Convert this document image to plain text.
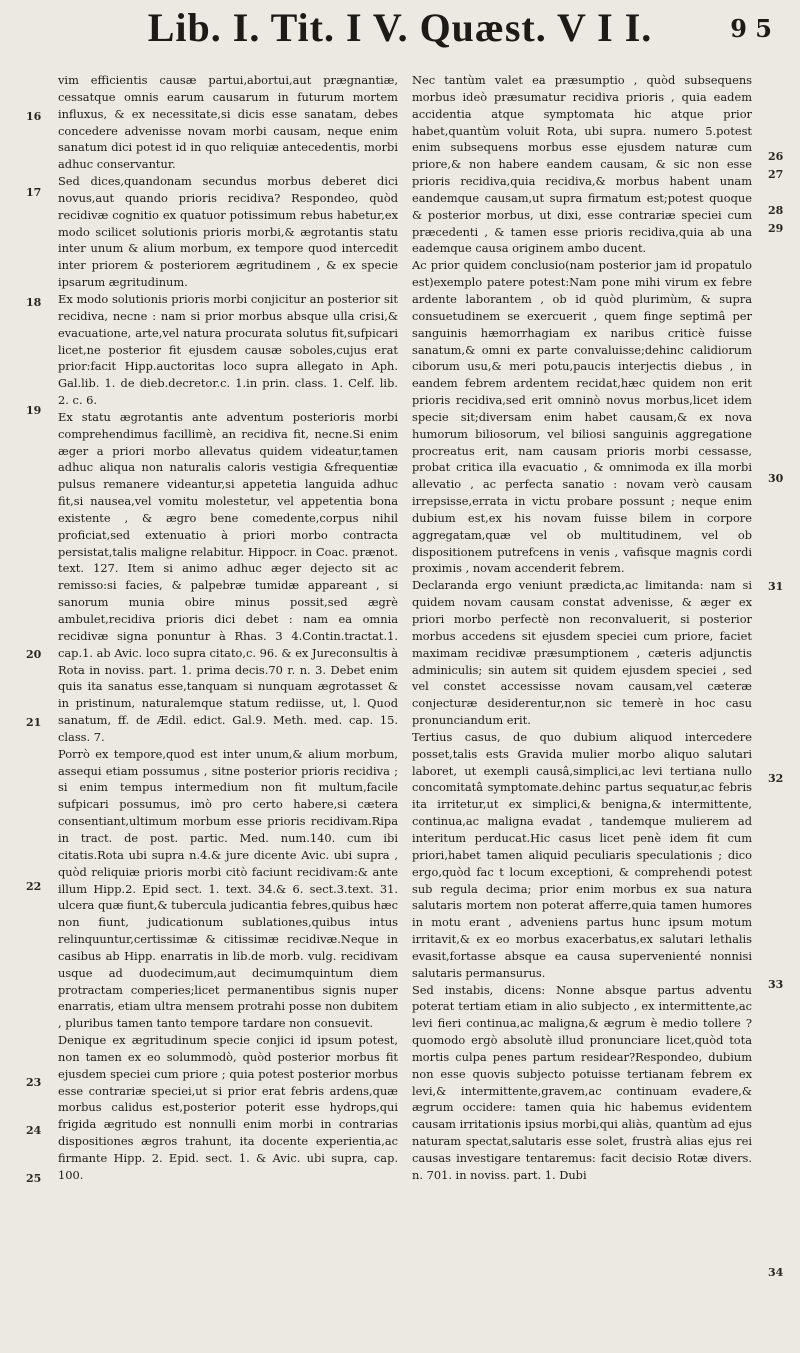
Lib. I. Tit. I V. Quæst. V I I.	9 5

vim efficientis causæ partui,abortui,aut prægnantiæ, cessatque omnis earum causarum in futurum mortem influxus, & ex necessitate,si dicis esse sanatam, debes concedere advenisse novam morbi causam, neque enim sanatum dici potest id in quo reliquiæ antecedentis, morbi adhuc conservantur.

Sed dices,quandonam secundus morbus deberet dici novus,aut quando prioris recidiva? Respondeo, quòd recidivæ cognitio ex quatuor potissimum rebus habetur,ex modo scilicet solutionis prioris morbi,& ægrotantis statu inter unum & alium morbum, ex tempore quod intercedit inter priorem & posteriorem ægritudinem , & ex specie ipsarum ægritudinum.

Ex modo solutionis prioris morbi conjicitur an posterior sit recidiva, necne : nam si prior morbus absque ulla crisi,& evacuatione, arte,vel natura procurata solutus fit,sufpicari licet,ne posterior fit ejusdem causæ soboles,cujus erat prior:facit Hipp.auctoritas loco supra allegato in Aph. Gal.lib. 1. de dieb.decretor.c. 1.in prin. class. 1. Celf. lib. 2. c. 6.

Ex statu ægrotantis ante adventum posterioris morbi comprehendimus facillimè, an recidiva fit, necne.Si enim æger a priori morbo allevatus quidem videatur,tamen adhuc aliqua non naturalis caloris vestigia &frequentiæ pulsus remanere videantur,si appetetia languida adhuc fit,si nausea,vel vomitu molestetur, vel appetentia bona existente , & ægro bene comedente,corpus nihil proficiat,sed extenuatio à priori morbo contracta persistat,talis maligne relabitur. Hippocr. in Coac. prænot. text. 127. Item si animo adhuc æger dejecto sit ac remisso:si facies, & palpebræ tumidæ appareant , si sanorum munia obire minus possit,sed ægrè ambulet,recidiva prioris dici debet : nam ea omnia recidivæ signa ponuntur à Rhas. 3 4.Contin.tractat.1. cap.1. ab Avic. loco supra citato,c. 96. & ex Jureconsultis à Rota in noviss. part. 1. prima decis.70 r. n. 3. Debet enim quis ita sanatus esse,tanquam si nunquam ægrotasset & in pristinum, naturalemque statum rediisse, ut, l. Quod sanatum, ff. de Ædil. edict. Gal.9. Meth. med. cap. 15. class. 7.

Porrò ex tempore,quod est inter unum,& alium morbum, assequi etiam possumus , sitne posterior prioris recidiva ; si enim tempus intermedium non fit multum,facile sufpicari possumus, imò pro certo habere,si cætera consentiant,ultimum morbum esse prioris recidivam.Ripa in tract. de post. partic. Med. num.140. cum ibi citatis.Rota ubi supra n.4.& jure dicente Avic. ubi supra , quòd reliquiæ prioris morbi citò faciunt recidivam:& ante illum Hipp.2. Epid sect. 1. text. 34.& 6. sect.3.text. 31. ulcera quæ fiunt,& tubercula judicantia febres,quibus hæc non fiunt, judicationum sublationes,quibus intus relinquuntur,certissimæ & citissimæ recidivæ.Neque in casibus ab Hipp. enarratis in lib.de morb. vulg. recidivam usque ad duodecimum,aut decimumquintum diem protractam comperies;licet permanentibus signis nuper enarratis, etiam ultra mensem protrahi posse non dubitem , pluribus tamen tanto tempore tardare non consuevit.

Denique ex ægritudinum specie conjici id ipsum potest, non tamen ex eo solummodò, quòd posterior morbus fit ejusdem speciei cum priore ; quia potest posterior morbus esse contrariæ speciei,ut si prior erat febris ardens,quæ morbus calidus est,posterior poterit esse hydrops,qui frigida ægritudo est nonnulli enim morbi in contrarias dispositiones ægros trahunt, ita docente experientia,ac firmante Hipp. 2. Epid. sect. 1. & Avic. ubi supra, cap. 100.

Nec tantùm valet ea præsumptio , quòd subsequens morbus ideò præsumatur recidiva prioris , quia eadem accidentia atque symptomata hic atque prior habet,quantùm voluit Rota, ubi supra. numero 5.potest enim subsequens morbus esse ejusdem naturæ cum priore,& non habere eandem causam, & sic non esse prioris recidiva,quia recidiva,& morbus habent unam eandemque causam,ut supra firmatum est;potest quoque & posterior morbus, ut dixi, esse contrariæ speciei cum præcedenti , & tamen esse prioris recidiva,quia ab una eademque causa originem ambo ducent.

Ac prior quidem conclusio(nam posterior jam id propatulo est)exemplo patere potest:Nam pone mihi virum ex febre ardente laborantem , ob id quòd plurimùm, & supra consuetudinem se exercuerit , quem finge septimâ per sanguinis hæmorrhagiam ex naribus criticè fuisse sanatum,& omni ex parte convaluisse;dehinc calidiorum ciborum usu,& meri potu,paucis interjectis diebus , in eandem febrem ardentem recidat,hæc quidem non erit prioris recidiva,sed erit omninò novus morbus,licet idem specie sit;diversam enim habet causam,& ex nova humorum biliosorum, vel biliosi sanguinis aggregatione procreatus erit, nam causam prioris morbi cessasse, probat critica illa evacuatio , & omnimoda ex illa morbi allevatio , ac perfecta sanatio : novam verò causam irrepsisse,errata in victu probare possunt ; neque enim dubium est,ex his novam fuisse bilem in corpore aggregatam,quæ vel ob multitudinem, vel ob dispositionem putrefcens in venis , vafisque magnis cordi proximis , novam accenderit febrem.

Declaranda ergo veniunt prædicta,ac limitanda: nam si quidem novam causam constat advenisse, & æger ex priori morbo perfectè non reconvaluerit, si posterior morbus accedens sit ejusdem speciei cum priore, faciet maximam recidivæ præsumptionem , cæteris adjunctis adminiculis; sin autem sit quidem ejusdem speciei , sed vel constet accessisse novam causam,vel cæteræ conjecturæ desiderentur,non sic temerè in hoc casu pronunciandum erit.

Tertius casus, de quo dubium aliquod intercedere posset,talis ests Gravida mulier morbo aliquo salutari laboret, ut exempli causâ,simplici,ac levi tertiana nullo concomitatâ symptomate.dehinc partus sequatur,ac febris ita irritetur,ut ex simplici,& benigna,& intermittente, continua,ac maligna evadat , tandemque mulierem ad interitum perducat.Hic casus licet penè idem fit cum priori,habet tamen aliquid peculiaris speculationis ; dico ergo,quòd fac t locum exceptioni, & comprehendi potest sub regula decima; prior enim morbus ex sua natura salutaris mortem non poterat afferre,quia tamen humores in motu erant , adveniens partus hunc ipsum motum irritavit,& ex eo morbus exacerbatus,ex salutari lethalis evasit,fortasse absque ea causa supervenienté nonnisi salutaris permansurus.

Sed instabis, dicens: Nonne absque partus adventu poterat tertiam etiam in alio subjecto , ex intermittente,ac levi fieri continua,ac maligna,& ægrum è medio tollere ? quomodo ergò absolutè illud pronunciare licet,quòd tota mortis culpa penes partum residear?Respondeo, dubium non esse quovis subjecto potuisse tertianam febrem ex levi,& intermittente,gravem,ac continuam evadere,& ægrum occidere: tamen quia hic habemus evidentem causam irritationis ipsius morbi,qui aliàs, quantùm ad ejus naturam spectat,salutaris esse solet, frustrà alias ejus rei causas investigare tentaremus: facit decisio Rotæ divers. n. 701. in noviss. part. 1. Dubi

16
17
18
19
20
21
22
23
24
25
26
27
28
29
30
31
32
33
34
